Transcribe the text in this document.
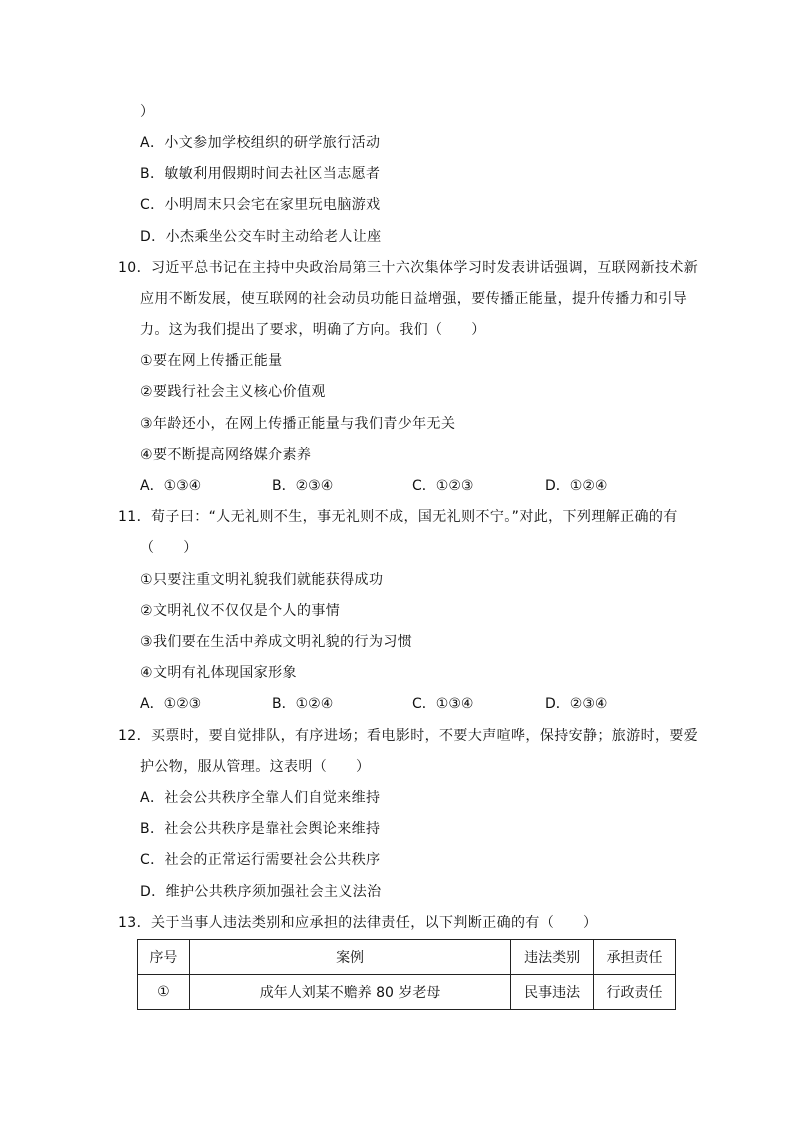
）
A．小文参加学校组织的研学旅行活动
B．敏敏利用假期时间去社区当志愿者
C．小明周末只会宅在家里玩电脑游戏
D．小杰乘坐公交车时主动给老人让座
10．习近平总书记在主持中央政治局第三十六次集体学习时发表讲话强调，互联网新技术新
应用不断发展，使互联网的社会动员功能日益增强，要传播正能量，提升传播力和引导
力。这为我们提出了要求，明确了方向。我们（　　）
①要在网上传播正能量
②要践行社会主义核心价值观
③年龄还小，在网上传播正能量与我们青少年无关
④要不断提高网络媒介素养
A．①③④	B．②③④	C．①②③	D．①②④
11．荀子曰：“人无礼则不生，事无礼则不成，国无礼则不宁。”对此，下列理解正确的有
（　　）
①只要注重文明礼貌我们就能获得成功
②文明礼仪不仅仅是个人的事情
③我们要在生活中养成文明礼貌的行为习惯
④文明有礼体现国家形象
A．①②③	B．①②④	C．①③④	D．②③④
12．买票时，要自觉排队，有序进场；看电影时，不要大声喧哗，保持安静；旅游时，要爱
护公物，服从管理。这表明（　　）
A．社会公共秩序全靠人们自觉来维持
B．社会公共秩序是靠社会舆论来维持
C．社会的正常运行需要社会公共秩序
D．维护公共秩序须加强社会主义法治
13．关于当事人违法类别和应承担的法律责任，以下判断正确的有（　　）
序号	案例	违法类别	承担责任
①	成年人刘某不赡养 80 岁老母	民事违法	行政责任
